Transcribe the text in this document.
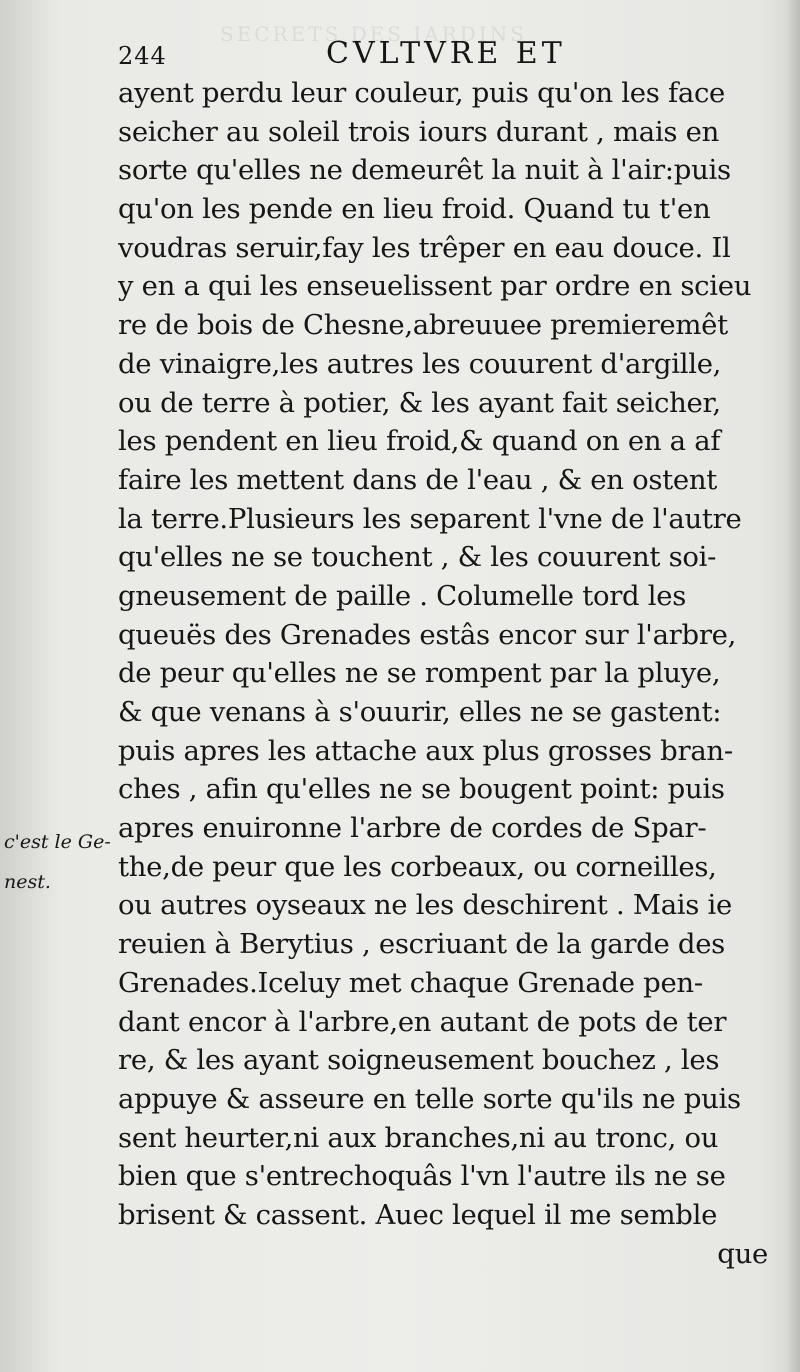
SECRETS DES IARDINS
244	CVLTVRE ET
c'est le Ge-
nest.
ayent perdu leur couleur, puis qu'on les face
seicher au soleil trois iours durant , mais en
sorte qu'elles ne demeurêt la nuit à l'air:puis
qu'on les pende en lieu froid. Quand tu t'en
voudras seruir,fay les trêper en eau douce. Il
y en a qui les enseuelissent par ordre en scieu
re de bois de Chesne,abreuuee premieremêt
de vinaigre,les autres les couurent d'argille,
ou de terre à potier, & les ayant fait seicher,
les pendent en lieu froid,& quand on en a af
faire les mettent dans de l'eau , & en ostent
la terre.Plusieurs les separent l'vne de l'autre
qu'elles ne se touchent , & les couurent soi-
gneusement de paille . Columelle tord les
queuës des Grenades estâs encor sur l'arbre,
de peur qu'elles ne se rompent par la pluye,
& que venans à s'ouurir, elles ne se gastent:
puis apres les attache aux plus grosses bran-
ches , afin qu'elles ne se bougent point: puis
apres enuironne l'arbre de cordes de Spar-
the,de peur que les corbeaux, ou corneilles,
ou autres oyseaux ne les deschirent . Mais ie
reuien à Berytius , escriuant de la garde des
Grenades.Iceluy met chaque Grenade pen-
dant encor à l'arbre,en autant de pots de ter
re, & les ayant soigneusement bouchez , les
appuye & asseure en telle sorte qu'ils ne puis
sent heurter,ni aux branches,ni au tronc, ou
bien que s'entrechoquâs l'vn l'autre ils ne se
brisent & cassent. Auec lequel il me semble
que
